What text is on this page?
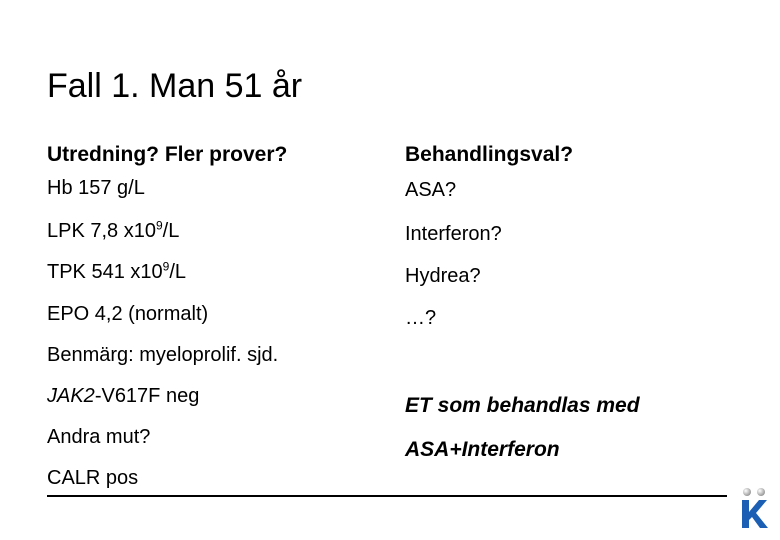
Fall 1. Man 51 år
Utredning? Fler prover?
Hb 157 g/L
LPK 7,8 $x10^9/L$
TPK 541 $x10^9/L$
EPO 4,2 (normalt)
Benmärg: myeloprolif. sjd.
JAK2-V617F neg
Andra mut?
CALR pos
Behandlingsval?
ASA?
Interferon?
Hydrea?
…?
ET som behandlas med
ASA+Interferon
